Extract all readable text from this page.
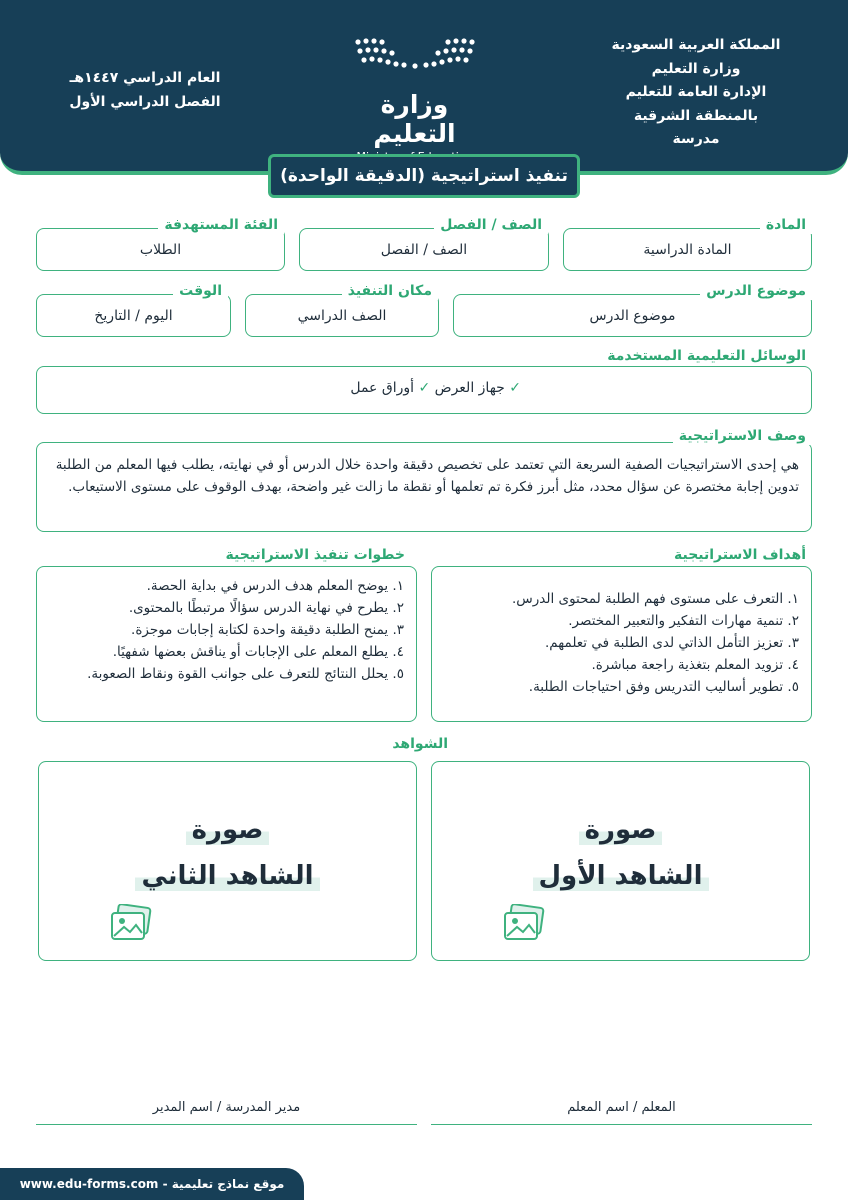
المملكة العربية السعودية
وزارة التعليم
الإدارة العامة للتعليم
بالمنطقة الشرقية
مدرسة
وزارة التعليم
العام الدراسي ١٤٤٧هـ
الفصل الدراسي الأول
تنفيذ استراتيجية (الدقيقة الواحدة)
المادة الدراسية
المادة
الصف / الفصل
الصف / الفصل
الطلاب
الفئة المستهدفة
موضوع الدرس
موضوع الدرس
الصف الدراسي
مكان التنفيذ
اليوم / التاريخ
الوقت
✓ جهاز العرض ✓ أوراق عمل
الوسائل التعليمية المستخدمة
هي إحدى الاستراتيجيات الصفية السريعة التي تعتمد على تخصيص دقيقة واحدة خلال الدرس أو في نهايته، يطلب فيها المعلم من الطلبة تدوين إجابة مختصرة عن سؤال محدد، مثل أبرز فكرة تم تعلمها أو نقطة ما زالت غير واضحة، بهدف الوقوف على مستوى الاستيعاب.
وصف الاستراتيجية
١. التعرف على مستوى فهم الطلبة لمحتوى الدرس.
٢. تنمية مهارات التفكير والتعبير المختصر.
٣. تعزيز التأمل الذاتي لدى الطلبة في تعلمهم.
٤. تزويد المعلم بتغذية راجعة مباشرة.
٥. تطوير أساليب التدريس وفق احتياجات الطلبة.
أهداف الاستراتيجية
١. يوضح المعلم هدف الدرس في بداية الحصة.
٢. يطرح في نهاية الدرس سؤالًا مرتبطًا بالمحتوى.
٣. يمنح الطلبة دقيقة واحدة لكتابة إجابات موجزة.
٤. يطلع المعلم على الإجابات أو يناقش بعضها شفهيًا.
٥. يحلل النتائج للتعرف على جوانب القوة ونقاط الصعوبة.
خطوات تنفيذ الاستراتيجية
الشواهد
صورة
الشاهد الأول
صورة
الشاهد الثاني
المعلم / اسم المعلم
مدير المدرسة / اسم المدير
موقع نماذج تعليمية - www.edu-forms.com
